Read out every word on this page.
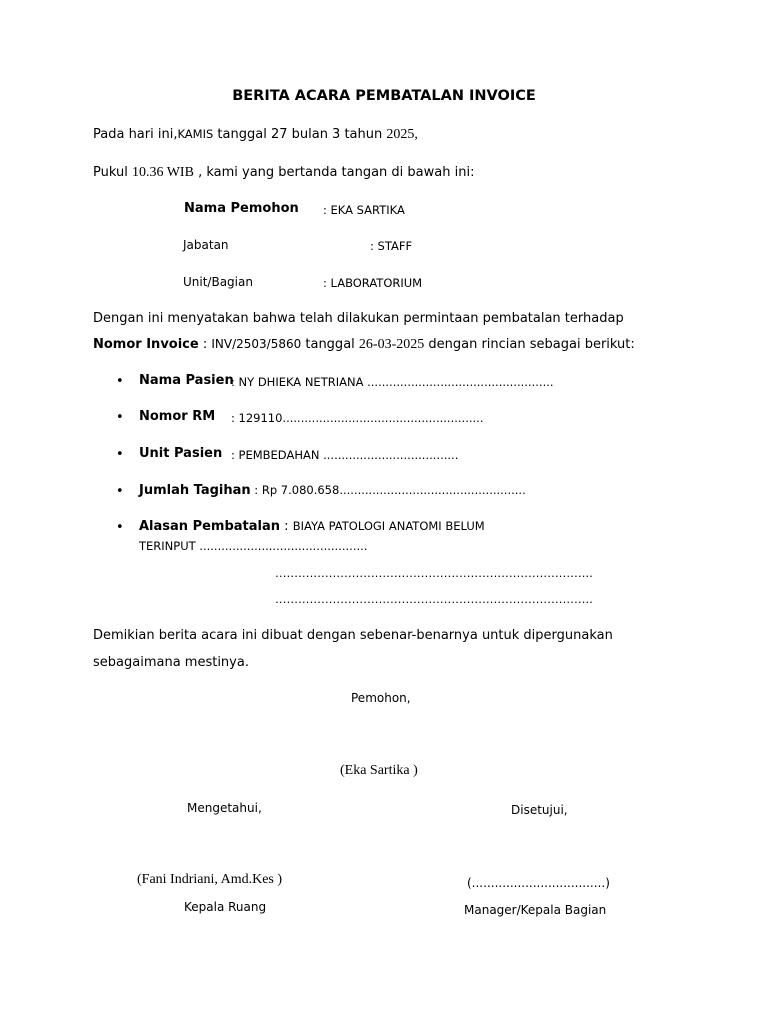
BERITA ACARA PEMBATALAN INVOICE
Pada hari ini,KAMIS tanggal 27 bulan 3 tahun 2025,
Pukul 10.36 WIB , kami yang bertanda tangan di bawah ini:
Nama Pemohon : EKA SARTIKA
Jabatan	: STAFF
Unit/Bagian	: LABORATORIUM
Dengan ini menyatakan bahwa telah dilakukan permintaan pembatalan terhadap
Nomor Invoice : INV/2503/5860 tanggal 26-03-2025 dengan rincian sebagai berikut:
• Nama Pasien
: NY DHIEKA NETRIANA ...................................................
• Nomor RM : 129110.......................................................
• Unit Pasien : PEMBEDAHAN .....................................
• Jumlah Tagihan : Rp 7.080.658...................................................
• Alasan Pembatalan : BIAYA PATOLOGI ANATOMI BELUM
TERINPUT ..............................................
………………………………………………………………………..
………………………………………………………………………..
Demikian berita acara ini dibuat dengan sebenar-benarnya untuk dipergunakan
sebagaimana mestinya.
Pemohon,
(Eka Sartika )
Mengetahui,	Disetujui,
(Fani Indriani, Amd.Kes )	(...................................)
Kepala Ruang	Manager/Kepala Bagian
